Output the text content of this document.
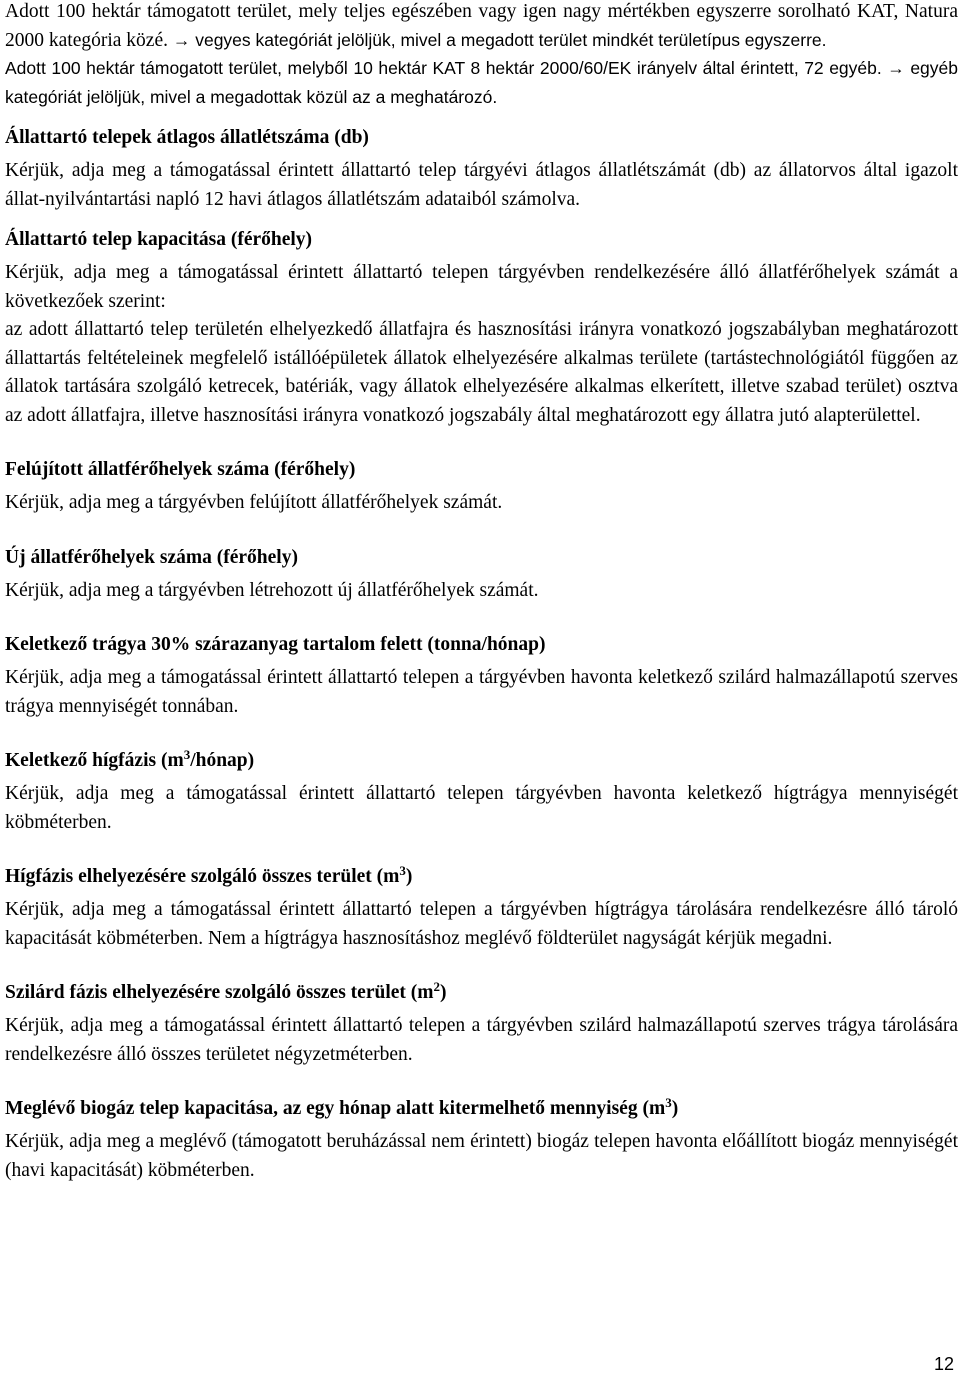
Adott 100 hektár támogatott terület, mely teljes egészében vagy igen nagy mértékben egyszerre sorolható KAT, Natura 2000 kategória közé. → vegyes kategóriát jelöljük, mivel a megadott terület mindkét területípus egyszerre.

Adott 100 hektár támogatott terület, melyből 10 hektár KAT 8 hektár 2000/60/EK irányelv által érintett, 72 egyéb. → egyéb kategóriát jelöljük, mivel a megadottak közül az a meghatározó.

Állattartó telepek átlagos állatlétszáma (db)

Kérjük, adja meg a támogatással érintett állattartó telep tárgyévi átlagos állatlétszámát (db) az állatorvos által igazolt állat-nyilvántartási napló 12 havi átlagos állatlétszám adataiból számolva.

Állattartó telep kapacitása (férőhely)

Kérjük, adja meg a támogatással érintett állattartó telepen tárgyévben rendelkezésére álló állatférőhelyek számát a következőek szerint:

az adott állattartó telep területén elhelyezkedő állatfajra és hasznosítási irányra vonatkozó jogszabályban meghatározott állattartás feltételeinek megfelelő istállóépületek állatok elhelyezésére alkalmas területe (tartástechnológiától függően az állatok tartására szolgáló ketrecek, batériák, vagy állatok elhelyezésére alkalmas elkerített, illetve szabad terület) osztva az adott állatfajra, illetve hasznosítási irányra vonatkozó jogszabály által meghatározott egy állatra jutó alapterülettel.

Felújított állatférőhelyek száma (férőhely)

Kérjük, adja meg a tárgyévben felújított állatférőhelyek számát.

Új állatférőhelyek száma (férőhely)

Kérjük, adja meg a tárgyévben létrehozott új állatférőhelyek számát.

Keletkező trágya 30% szárazanyag tartalom felett (tonna/hónap)

Kérjük, adja meg a támogatással érintett állattartó telepen a tárgyévben havonta keletkező szilárd halmazállapotú szerves trágya mennyiségét tonnában.

Keletkező hígfázis $(m^3/hónap)$

Kérjük, adja meg a támogatással érintett állattartó telepen tárgyévben havonta keletkező hígtrágya mennyiségét köbméterben.

Hígfázis elhelyezésére szolgáló összes terület $(m^3)$

Kérjük, adja meg a támogatással érintett állattartó telepen a tárgyévben hígtrágya tárolására rendelkezésre álló tároló kapacitását köbméterben. Nem a hígtrágya hasznosításhoz meglévő földterület nagyságát kérjük megadni.

Szilárd fázis elhelyezésére szolgáló összes terület $(m^2)$

Kérjük, adja meg a támogatással érintett állattartó telepen a tárgyévben szilárd halmazállapotú szerves trágya tárolására rendelkezésre álló összes területet négyzetméterben.

Meglévő biogáz telep kapacitása, az egy hónap alatt kitermelhető mennyiség $(m^3)$

Kérjük, adja meg a meglévő (támogatott beruházással nem érintett) biogáz telepen havonta előállított biogáz mennyiségét (havi kapacitását) köbméterben.

12
